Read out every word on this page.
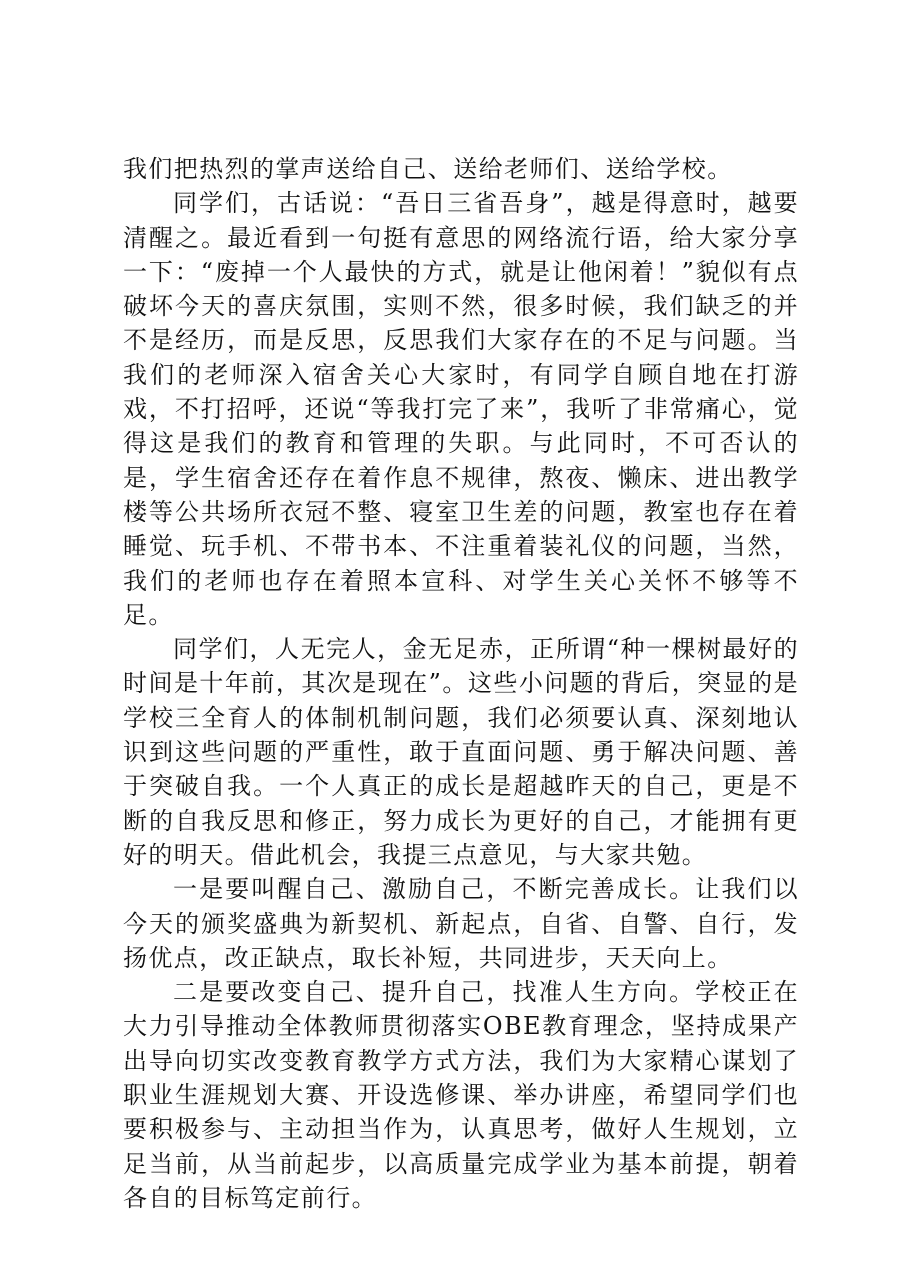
我们把热烈的掌声送给自己、送给老师们、送给学校。

同学们，古话说：“吾日三省吾身”，越是得意时，越要清醒之。最近看到一句挺有意思的网络流行语，给大家分享一下：“废掉一个人最快的方式，就是让他闲着！”貌似有点破坏今天的喜庆氛围，实则不然，很多时候，我们缺乏的并不是经历，而是反思，反思我们大家存在的不足与问题。当我们的老师深入宿舍关心大家时，有同学自顾自地在打游戏，不打招呼，还说“等我打完了来”，我听了非常痛心，觉得这是我们的教育和管理的失职。与此同时，不可否认的是，学生宿舍还存在着作息不规律，熬夜、懒床、进出教学楼等公共场所衣冠不整、寝室卫生差的问题，教室也存在着睡觉、玩手机、不带书本、不注重着装礼仪的问题，当然，我们的老师也存在着照本宣科、对学生关心关怀不够等不足。

同学们，人无完人，金无足赤，正所谓“种一棵树最好的时间是十年前，其次是现在”。这些小问题的背后，突显的是学校三全育人的体制机制问题，我们必须要认真、深刻地认识到这些问题的严重性，敢于直面问题、勇于解决问题、善于突破自我。一个人真正的成长是超越昨天的自己，更是不断的自我反思和修正，努力成长为更好的自己，才能拥有更好的明天。借此机会，我提三点意见，与大家共勉。

一是要叫醒自己、激励自己，不断完善成长。让我们以今天的颁奖盛典为新契机、新起点，自省、自警、自行，发扬优点，改正缺点，取长补短，共同进步，天天向上。

二是要改变自己、提升自己，找准人生方向。学校正在大力引导推动全体教师贯彻落实OBE教育理念，坚持成果产出导向切实改变教育教学方式方法，我们为大家精心谋划了职业生涯规划大赛、开设选修课、举办讲座，希望同学们也要积极参与、主动担当作为，认真思考，做好人生规划，立足当前，从当前起步，以高质量完成学业为基本前提，朝着各自的目标笃定前行。
